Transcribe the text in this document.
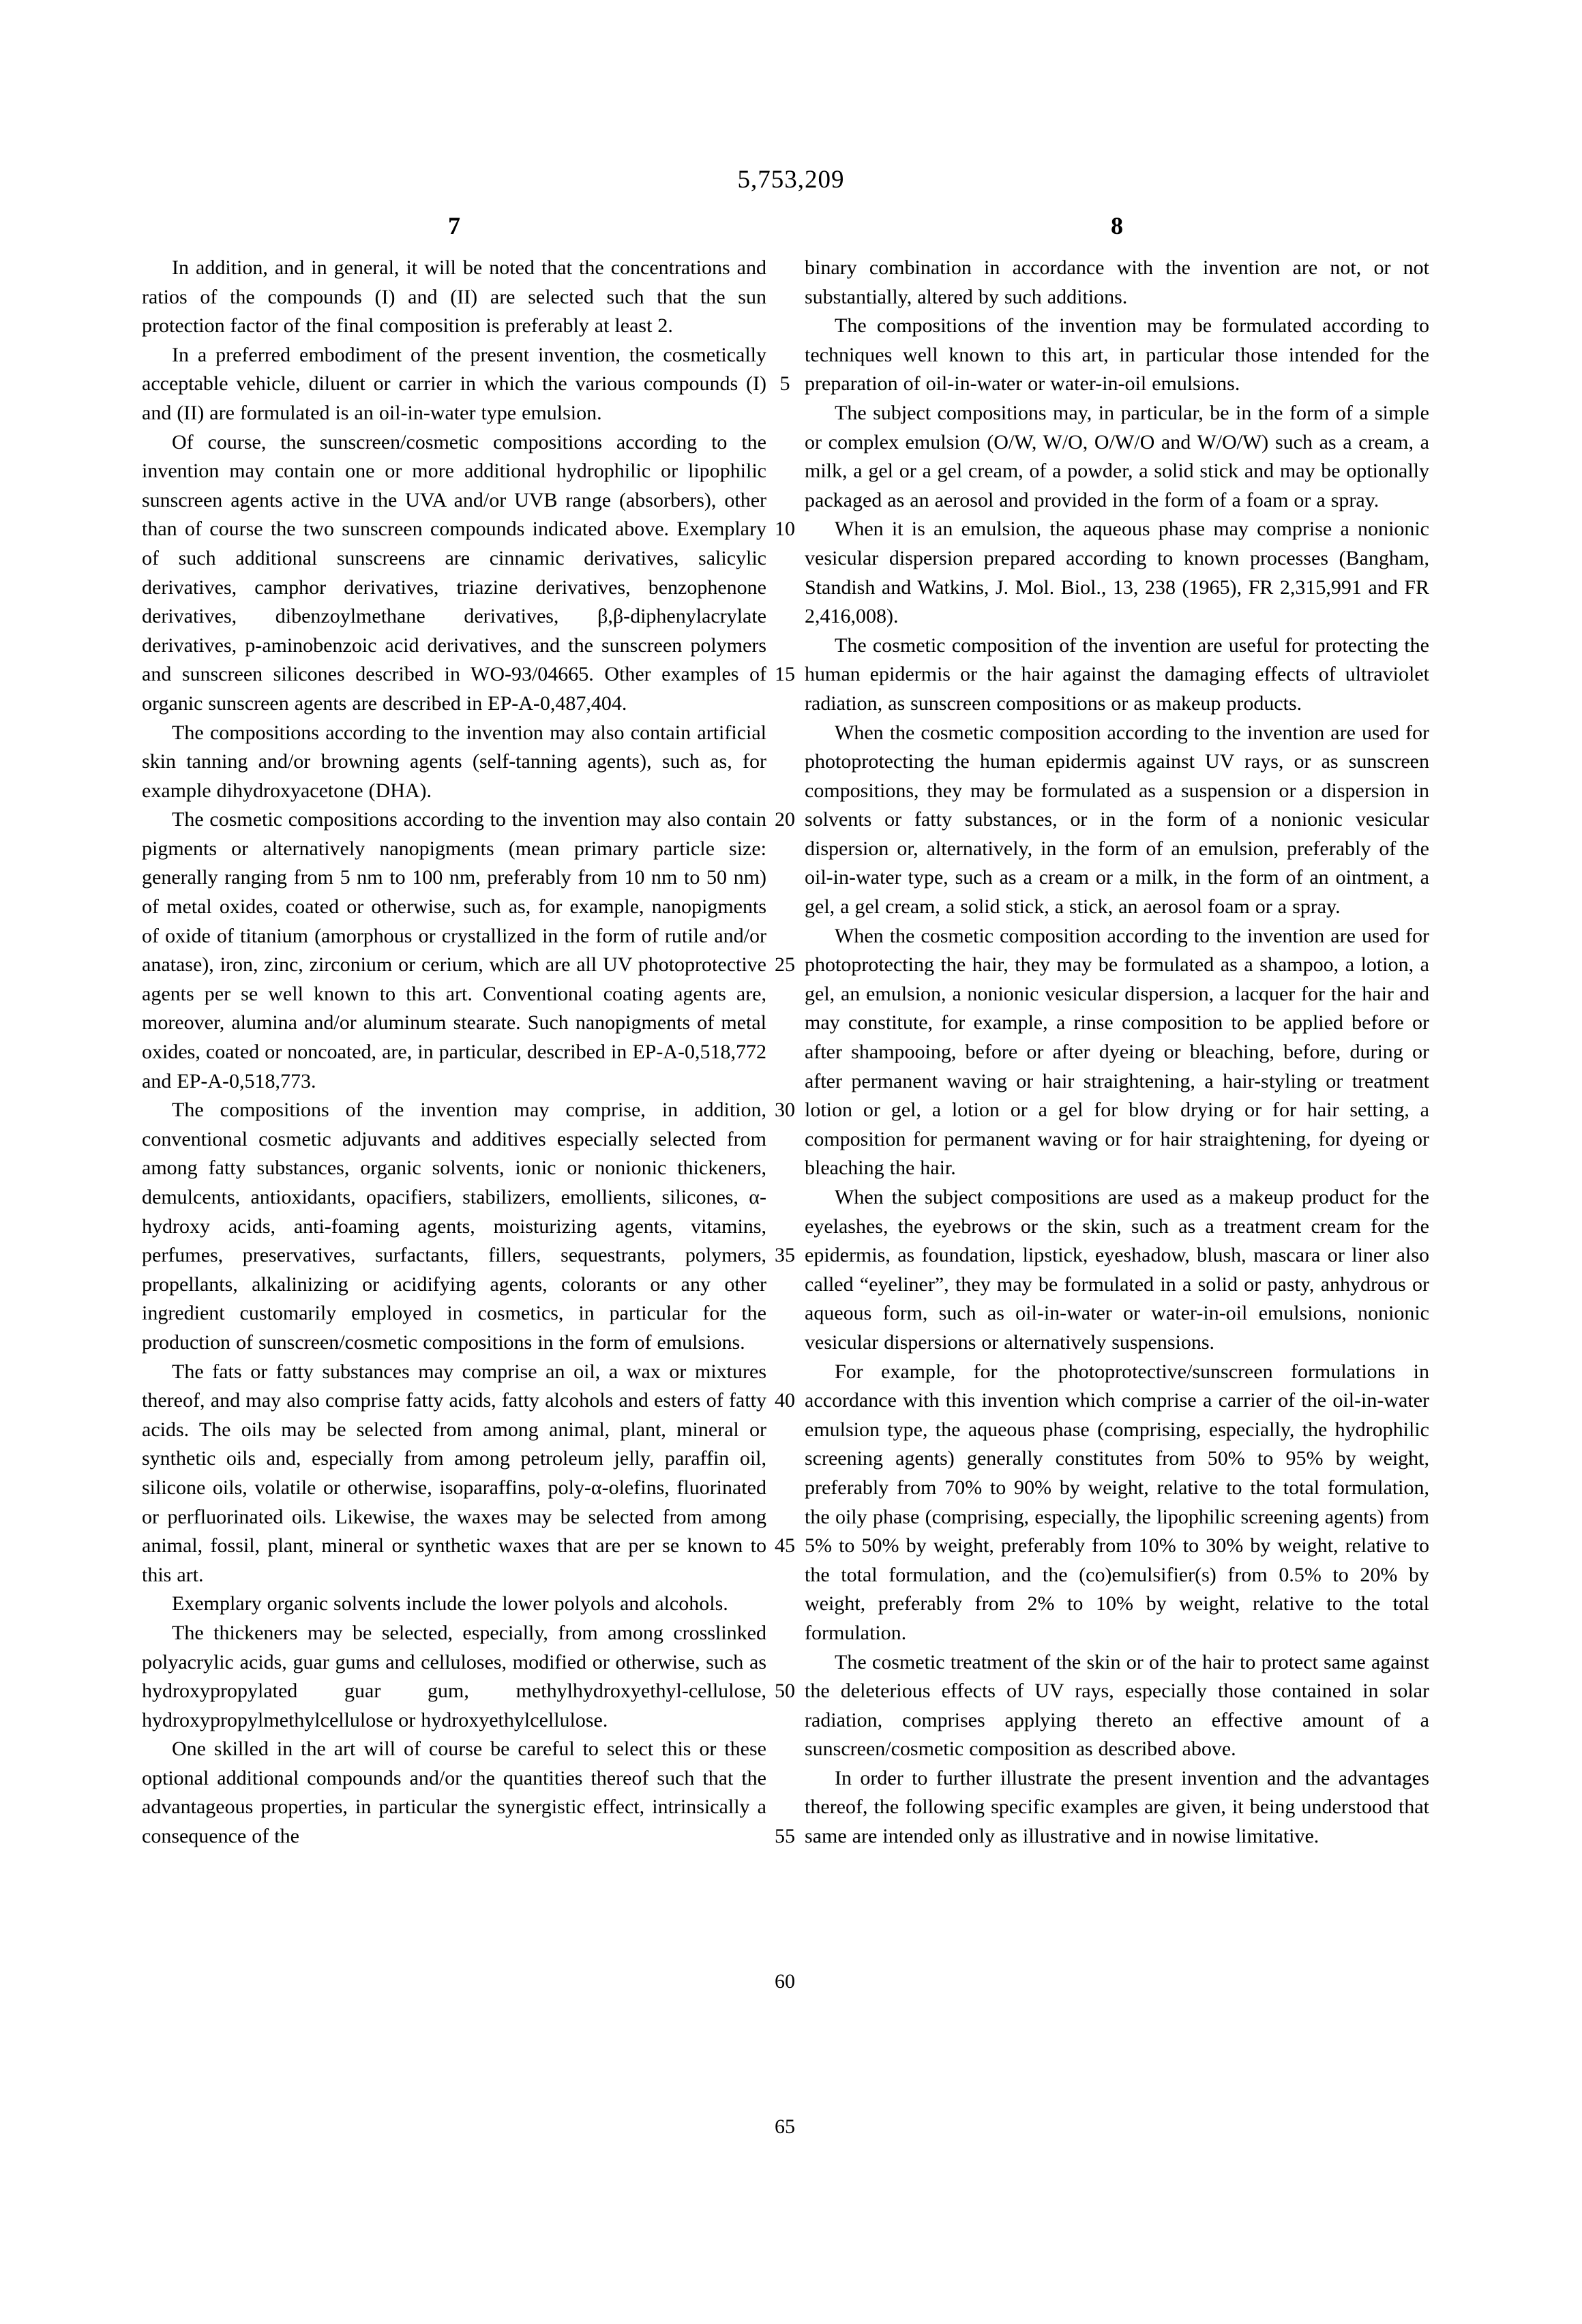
5,753,209
7	8

In addition, and in general, it will be noted that the concentrations and ratios of the compounds (I) and (II) are selected such that the sun protection factor of the final composition is preferably at least 2.

In a preferred embodiment of the present invention, the cosmetically acceptable vehicle, diluent or carrier in which the various compounds (I) and (II) are formulated is an oil-in-water type emulsion.

Of course, the sunscreen/cosmetic compositions according to the invention may contain one or more additional hydrophilic or lipophilic sunscreen agents active in the UVA and/or UVB range (absorbers), other than of course the two sunscreen compounds indicated above. Exemplary of such additional sunscreens are cinnamic derivatives, salicylic derivatives, camphor derivatives, triazine derivatives, benzophenone derivatives, dibenzoylmethane derivatives, β,β-diphenylacrylate derivatives, p-aminobenzoic acid derivatives, and the sunscreen polymers and sunscreen silicones described in WO-93/04665. Other examples of organic sunscreen agents are described in EP-A-0,487,404.

The compositions according to the invention may also contain artificial skin tanning and/or browning agents (self-tanning agents), such as, for example dihydroxyacetone (DHA).

The cosmetic compositions according to the invention may also contain pigments or alternatively nanopigments (mean primary particle size: generally ranging from 5 nm to 100 nm, preferably from 10 nm to 50 nm) of metal oxides, coated or otherwise, such as, for example, nanopigments of oxide of titanium (amorphous or crystallized in the form of rutile and/or anatase), iron, zinc, zirconium or cerium, which are all UV photoprotective agents per se well known to this art. Conventional coating agents are, moreover, alumina and/or aluminum stearate. Such nanopigments of metal oxides, coated or noncoated, are, in particular, described in EP-A-0,518,772 and EP-A-0,518,773.

The compositions of the invention may comprise, in addition, conventional cosmetic adjuvants and additives especially selected from among fatty substances, organic solvents, ionic or nonionic thickeners, demulcents, antioxidants, opacifiers, stabilizers, emollients, silicones, α-hydroxy acids, anti-foaming agents, moisturizing agents, vitamins, perfumes, preservatives, surfactants, fillers, sequestrants, polymers, propellants, alkalinizing or acidifying agents, colorants or any other ingredient customarily employed in cosmetics, in particular for the production of sunscreen/cosmetic compositions in the form of emulsions.

The fats or fatty substances may comprise an oil, a wax or mixtures thereof, and may also comprise fatty acids, fatty alcohols and esters of fatty acids. The oils may be selected from among animal, plant, mineral or synthetic oils and, especially from among petroleum jelly, paraffin oil, silicone oils, volatile or otherwise, isoparaffins, poly-α-olefins, fluorinated or perfluorinated oils. Likewise, the waxes may be selected from among animal, fossil, plant, mineral or synthetic waxes that are per se known to this art.

Exemplary organic solvents include the lower polyols and alcohols.

The thickeners may be selected, especially, from among crosslinked polyacrylic acids, guar gums and celluloses, modified or otherwise, such as hydroxypropylated guar gum, methylhydroxyethyl-cellulose, hydroxypropylmethylcellulose or hydroxyethylcellulose.

One skilled in the art will of course be careful to select this or these optional additional compounds and/or the quantities thereof such that the advantageous properties, in particular the synergistic effect, intrinsically a consequence of the

5
10
15
20
25
30
35
40
45
50
55
60
65

binary combination in accordance with the invention are not, or not substantially, altered by such additions.

The compositions of the invention may be formulated according to techniques well known to this art, in particular those intended for the preparation of oil-in-water or water-in-oil emulsions.

The subject compositions may, in particular, be in the form of a simple or complex emulsion (O/W, W/O, O/W/O and W/O/W) such as a cream, a milk, a gel or a gel cream, of a powder, a solid stick and may be optionally packaged as an aerosol and provided in the form of a foam or a spray.

When it is an emulsion, the aqueous phase may comprise a nonionic vesicular dispersion prepared according to known processes (Bangham, Standish and Watkins, J. Mol. Biol., 13, 238 (1965), FR 2,315,991 and FR 2,416,008).

The cosmetic composition of the invention are useful for protecting the human epidermis or the hair against the damaging effects of ultraviolet radiation, as sunscreen compositions or as makeup products.

When the cosmetic composition according to the invention are used for photoprotecting the human epidermis against UV rays, or as sunscreen compositions, they may be formulated as a suspension or a dispersion in solvents or fatty substances, or in the form of a nonionic vesicular dispersion or, alternatively, in the form of an emulsion, preferably of the oil-in-water type, such as a cream or a milk, in the form of an ointment, a gel, a gel cream, a solid stick, a stick, an aerosol foam or a spray.

When the cosmetic composition according to the invention are used for photoprotecting the hair, they may be formulated as a shampoo, a lotion, a gel, an emulsion, a nonionic vesicular dispersion, a lacquer for the hair and may constitute, for example, a rinse composition to be applied before or after shampooing, before or after dyeing or bleaching, before, during or after permanent waving or hair straightening, a hair-styling or treatment lotion or gel, a lotion or a gel for blow drying or for hair setting, a composition for permanent waving or for hair straightening, for dyeing or bleaching the hair.

When the subject compositions are used as a makeup product for the eyelashes, the eyebrows or the skin, such as a treatment cream for the epidermis, as foundation, lipstick, eyeshadow, blush, mascara or liner also called “eyeliner”, they may be formulated in a solid or pasty, anhydrous or aqueous form, such as oil-in-water or water-in-oil emulsions, nonionic vesicular dispersions or alternatively suspensions.

For example, for the photoprotective/sunscreen formulations in accordance with this invention which comprise a carrier of the oil-in-water emulsion type, the aqueous phase (comprising, especially, the hydrophilic screening agents) generally constitutes from 50% to 95% by weight, preferably from 70% to 90% by weight, relative to the total formulation, the oily phase (comprising, especially, the lipophilic screening agents) from 5% to 50% by weight, preferably from 10% to 30% by weight, relative to the total formulation, and the (co)emulsifier(s) from 0.5% to 20% by weight, preferably from 2% to 10% by weight, relative to the total formulation.

The cosmetic treatment of the skin or of the hair to protect same against the deleterious effects of UV rays, especially those contained in solar radiation, comprises applying thereto an effective amount of a sunscreen/cosmetic composition as described above.

In order to further illustrate the present invention and the advantages thereof, the following specific examples are given, it being understood that same are intended only as illustrative and in nowise limitative.
